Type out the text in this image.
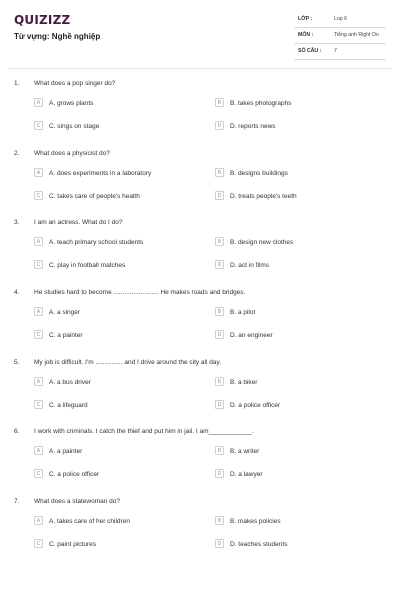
QUIZIZZ
Từ vựng: Nghề nghiệp
LỚP :	Lop 6
MÔN :	Tiếng anh Right On
SỐ CÂU : 7
1. What does a pop singer do?
A	A. grows plants	B	B. takes photographs
C	C. sings on stage	D	D. reports news
2. What does a physicist do?
A	A. does experiments in a laboratory	B	B. designs buildings
C	C. takes care of people's health	D	D. treats people's teeth
3. I am an actress. What do I do?
A	A. teach primary school students	B	B. design new clothes
C	C. play in football matches	D	D. act in films
4. He studies hard to become ......................... He makes roads and bridges.
A	A. a singer	B	B. a pilot
C	C. a painter	D	D. an engineer
5. My job is difficult. I'm ............... and I drive around the city all day.
A	A. a bus driver	B	B. a biker
C	C. a lifeguard	D	D. a police officer
6. I work with criminals. I catch the thief and put him in jail. I am____________.
A	A. a painter	B	B. a writer
C	C. a police officer	D	D. a lawyer
7. What does a statewoman do?
A	A. takes care of her children	B	B. makes policies
C	C. paint pictures	D	D. teaches students
